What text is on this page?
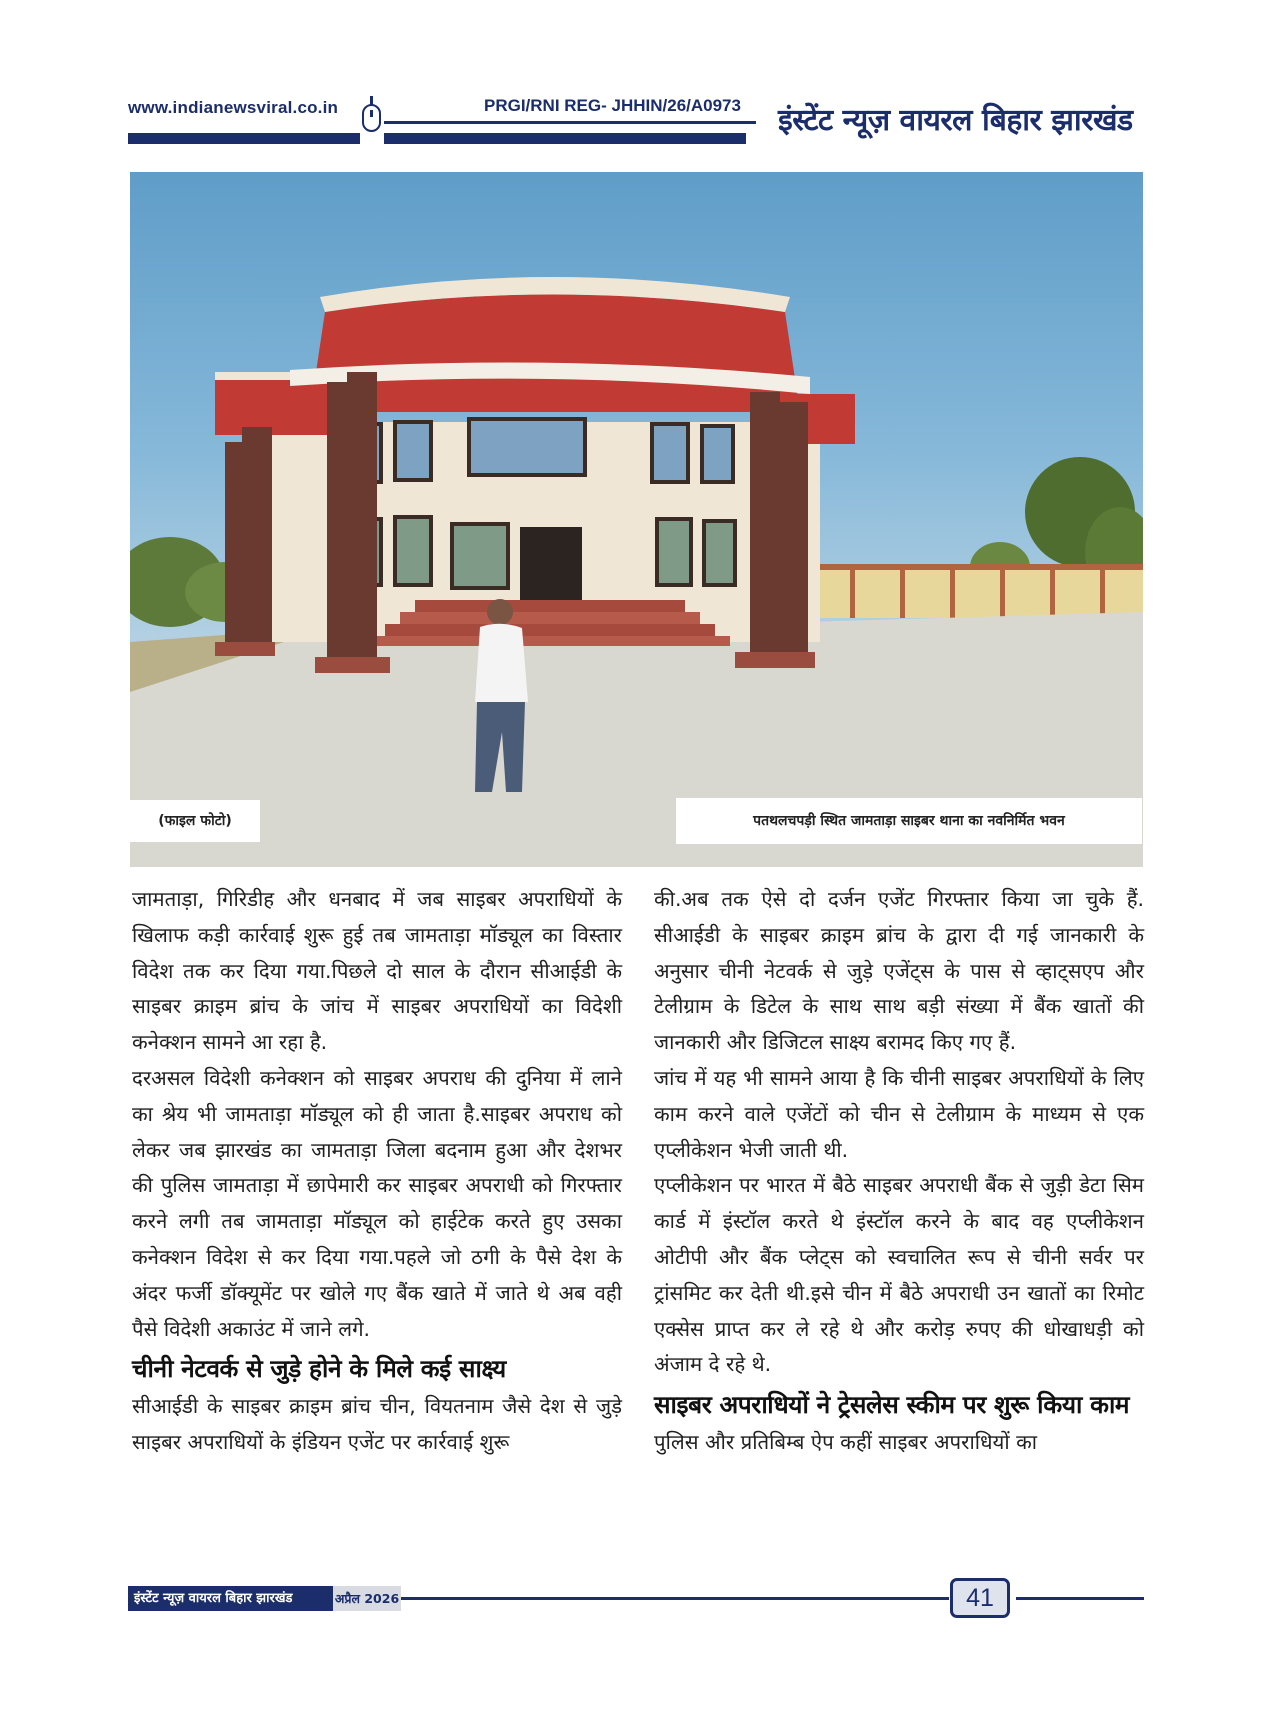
www.indianewsviral.co.in	PRGI/RNI REG- JHHIN/26/A0973 इंस्टेंट न्यूज़ वायरल बिहार झारखंड
(फाइल फोटो)	पतथलचपड़ी स्थित जामताड़ा साइबर थाना का नवनिर्मित भवन

जामताड़ा, गिरिडीह और धनबाद में जब साइबर अपराधियों के खिलाफ कड़ी कार्रवाई शुरू हुई तब जामताड़ा मॉड्यूल का विस्तार विदेश तक कर दिया गया.पिछले दो साल के दौरान सीआईडी के साइबर क्राइम ब्रांच के जांच में साइबर अपराधियों का विदेशी कनेक्शन सामने आ रहा है.

दरअसल विदेशी कनेक्शन को साइबर अपराध की दुनिया में लाने का श्रेय भी जामताड़ा मॉड्यूल को ही जाता है.साइबर अपराध को लेकर जब झारखंड का जामताड़ा जिला बदनाम हुआ और देशभर की पुलिस जामताड़ा में छापेमारी कर साइबर अपराधी को गिरफ्तार करने लगी तब जामताड़ा मॉड्यूल को हाईटेक करते हुए उसका कनेक्शन विदेश से कर दिया गया.पहले जो ठगी के पैसे देश के अंदर फर्जी डॉक्यूमेंट पर खोले गए बैंक खाते में जाते थे अब वही पैसे विदेशी अकाउंट में जाने लगे.

चीनी नेटवर्क से जुड़े होने के मिले कई साक्ष्य

सीआईडी के साइबर क्राइम ब्रांच चीन, वियतनाम जैसे देश से जुड़े साइबर अपराधियों के इंडियन एजेंट पर कार्रवाई शुरू

की.अब तक ऐसे दो दर्जन एजेंट गिरफ्तार किया जा चुके हैं. सीआईडी के साइबर क्राइम ब्रांच के द्वारा दी गई जानकारी के अनुसार चीनी नेटवर्क से जुड़े एजेंट्स के पास से व्हाट्सएप और टेलीग्राम के डिटेल के साथ साथ बड़ी संख्या में बैंक खातों की जानकारी और डिजिटल साक्ष्य बरामद किए गए हैं.

जांच में यह भी सामने आया है कि चीनी साइबर अपराधियों के लिए काम करने वाले एजेंटों को चीन से टेलीग्राम के माध्यम से एक एप्लीकेशन भेजी जाती थी.

एप्लीकेशन पर भारत में बैठे साइबर अपराधी बैंक से जुड़ी डेटा सिम कार्ड में इंस्टॉल करते थे इंस्टॉल करने के बाद वह एप्लीकेशन ओटीपी और बैंक प्लेट्स को स्वचालित रूप से चीनी सर्वर पर ट्रांसमिट कर देती थी.इसे चीन में बैठे अपराधी उन खातों का रिमोट एक्सेस प्राप्त कर ले रहे थे और करोड़ रुपए की धोखाधड़ी को अंजाम दे रहे थे.

साइबर अपराधियों ने ट्रेसलेस स्कीम पर शुरू किया काम

पुलिस और प्रतिबिम्ब ऐप कहीं साइबर अपराधियों का

इंस्टेंट न्यूज़ वायरल बिहार झारखंड	अप्रैल 2026	41
